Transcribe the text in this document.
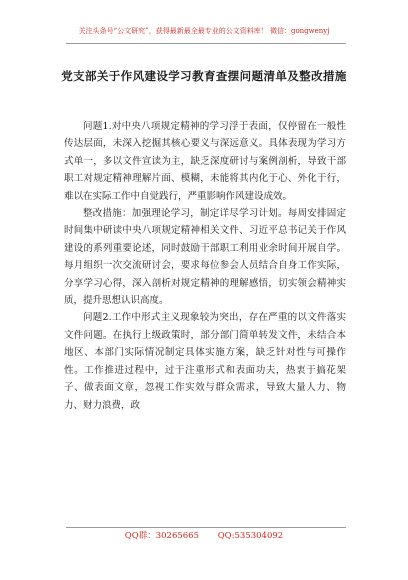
关注头条号“公文研究”，获得最新最全最专业的公文资料库！ 微信：gongwenyj
党支部关于作风建设学习教育查摆问题清单及整改措施

问题1.对中央八项规定精神的学习浮于表面，仅停留在一般性传达层面，未深入挖掘其核心要义与深远意义。具体表现为学习方式单一，多以文件宣读为主，缺乏深度研讨与案例剖析，导致干部职工对规定精神理解片面、模糊，未能将其内化于心、外化于行，难以在实际工作中自觉践行，严重影响作风建设成效。

整改措施：加强理论学习，制定详尽学习计划。每周安排固定时间集中研读中央八项规定精神相关文件、习近平总书记关于作风建设的系列重要论述，同时鼓励干部职工利用业余时间开展自学。每月组织一次交流研讨会，要求每位参会人员结合自身工作实际，分享学习心得，深入剖析对规定精神的理解感悟，切实领会精神实质，提升思想认识高度。

问题2.工作中形式主义现象较为突出，存在严重的以文件落实文件问题。在执行上级政策时，部分部门简单转发文件，未结合本地区、本部门实际情况制定具体实施方案，缺乏针对性与可操作性。工作推进过程中，过于注重形式和表面功夫，热衷于搞花架子、做表面文章，忽视工作实效与群众需求，导致大量人力、物力、财力浪费，政

QQ群：30265665 QQ:535304092
